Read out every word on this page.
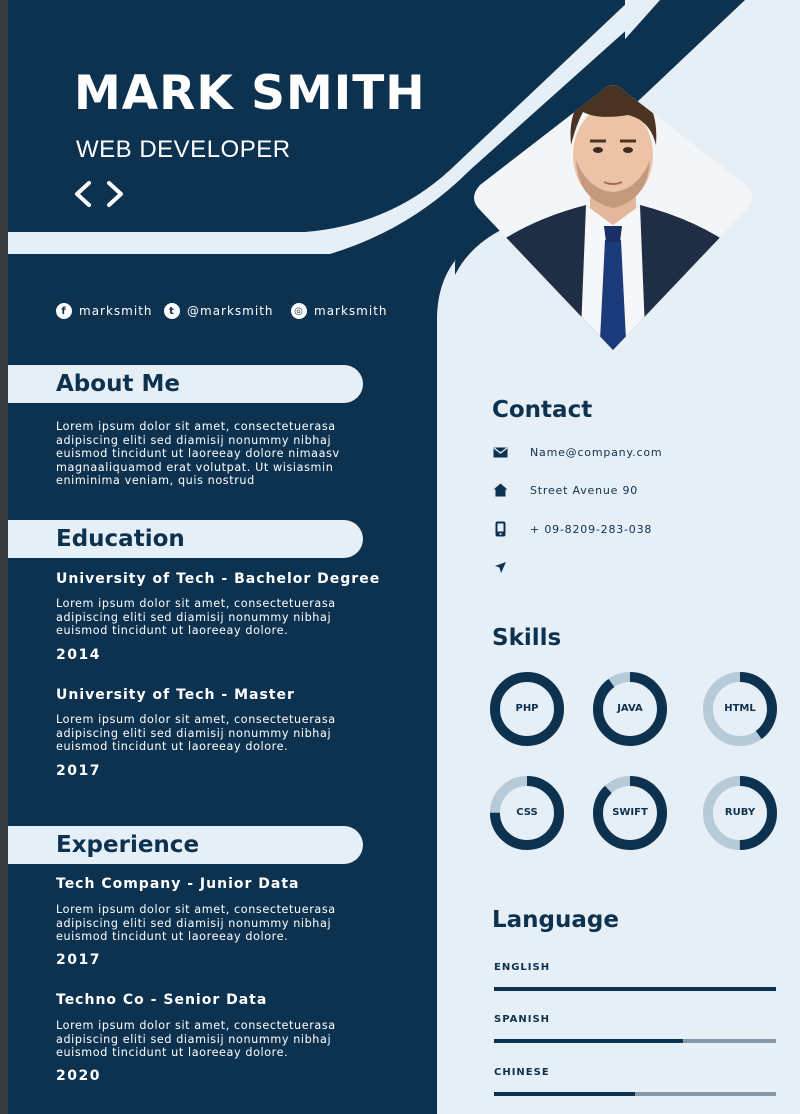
MARK SMITH
WEB DEVELOPER
f	marksmith	t	@marksmith	◎ marksmith
About Me
Lorem ipsum dolor sit amet, consectetuerasa adipiscing eliti sed diamisij nonummy nibhaj euismod tincidunt ut laoreeay dolore nimaasv magnaaliquamod erat volutpat. Ut wisiasmin eniminima veniam, quis nostrud
Education
University of Tech - Bachelor Degree
Lorem ipsum dolor sit amet, consectetuerasa adipiscing eliti sed diamisij nonummy nibhaj euismod tincidunt ut laoreeay dolore.
2014
University of Tech - Master
Lorem ipsum dolor sit amet, consectetuerasa adipiscing eliti sed diamisij nonummy nibhaj euismod tincidunt ut laoreeay dolore.
2017
Experience
Tech Company - Junior Data
Lorem ipsum dolor sit amet, consectetuerasa adipiscing eliti sed diamisij nonummy nibhaj euismod tincidunt ut laoreeay dolore.
2017
Techno Co - Senior Data
Lorem ipsum dolor sit amet, consectetuerasa adipiscing eliti sed diamisij nonummy nibhaj euismod tincidunt ut laoreeay dolore.
2020
Contact
Name@company.com
Street Avenue 90
+ 09-8209-283-038
Skills
PHP	JAVA	HTML
CSS	SWIFT	RUBY
Language
ENGLISH
SPANISH
CHINESE
